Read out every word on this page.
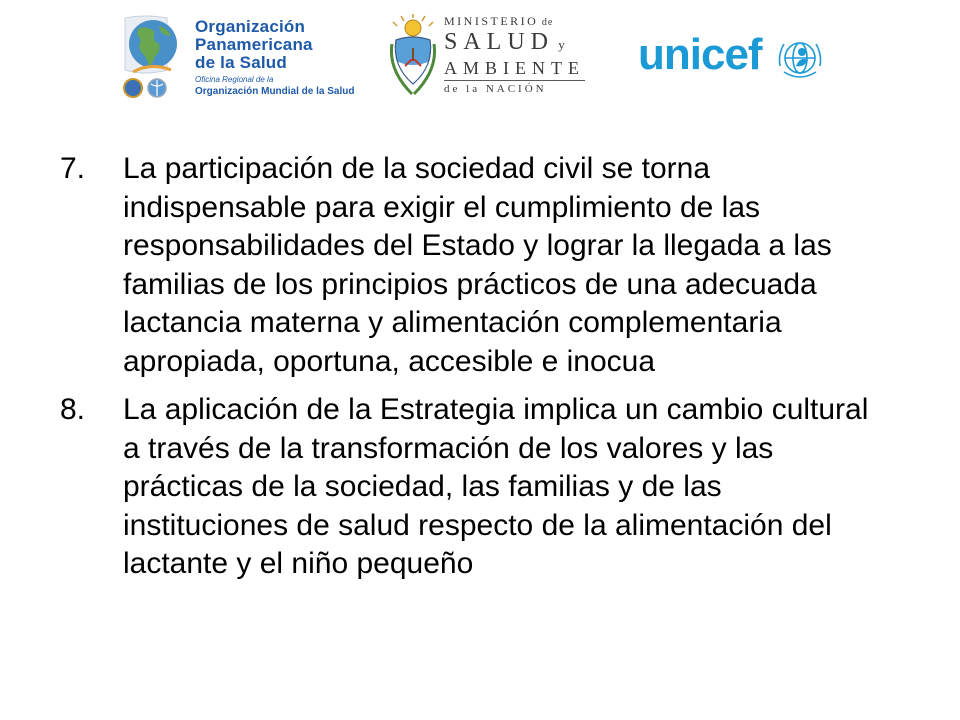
Organización
Panamericana
de la Salud
Oficina Regional de la
Organización Mundial de la Salud
MINISTERIO de
SALUD y
AMBIENTE
de la NACIÓN
unicef
7.	La participación de la sociedad civil se torna indispensable para exigir el cumplimiento de las responsabilidades del Estado y lograr la llegada a las familias de los principios prácticos de una adecuada lactancia materna y alimentación complementaria apropiada, oportuna, accesible e inocua
8.	La aplicación de la Estrategia implica un cambio cultural a través de la transformación de los valores y las prácticas de la sociedad, las familias y de las instituciones de salud respecto de la alimentación del lactante y el niño pequeño
